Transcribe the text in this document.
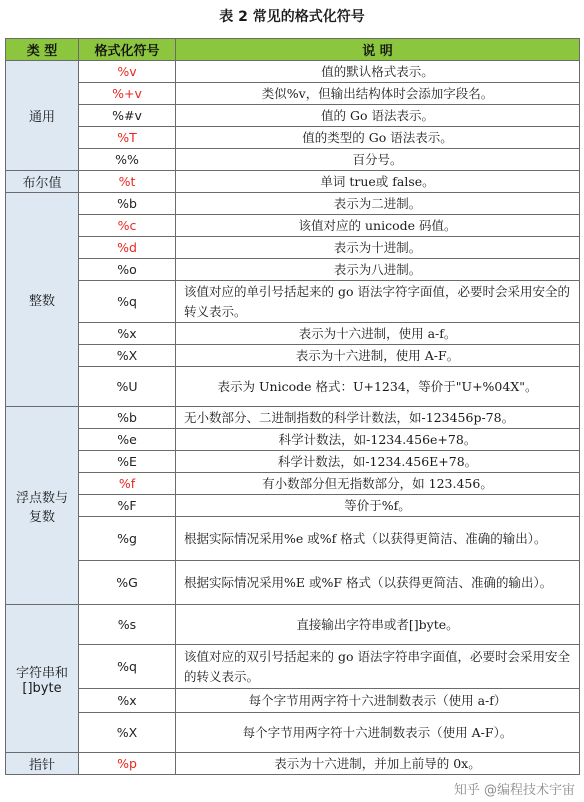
表 2 常见的格式化符号
类 型	格式化符号	说 明
通用	%v	值的默认格式表示。
	%+v	类似%v，但输出结构体时会添加字段名。
	%#v	值的 Go 语法表示。
	%T	值的类型的 Go 语法表示。
	%%	百分号。
布尔值	%t	单词 true或 false。
整数	%b	表示为二进制。
	%c	该值对应的 unicode 码值。
	%d	表示为十进制。
	%o	表示为八进制。
	%q	该值对应的单引号括起来的 go 语法字符字面值，必要时会采用安全的转义表示。
	%x	表示为十六进制，使用 a-f。
	%X	表示为十六进制，使用 A-F。
	%U	表示为 Unicode 格式：U+1234，等价于"U+%04X"。
浮点数与复数	%b	无小数部分、二进制指数的科学计数法，如-123456p-78。
	%e	科学计数法，如-1234.456e+78。
	%E	科学计数法，如-1234.456E+78。
	%f	有小数部分但无指数部分，如 123.456。
	%F	等价于%f。
	%g	根据实际情况采用%e 或%f 格式（以获得更简洁、准确的输出）。
	%G	根据实际情况采用%E 或%F 格式（以获得更简洁、准确的输出）。
字符串和[]byte	%s	直接输出字符串或者[]byte。
	%q	该值对应的双引号括起来的 go 语法字符串字面值，必要时会采用安全的转义表示。
	%x	每个字节用两字符十六进制数表示（使用 a-f）
	%X	每个字节用两字符十六进制数表示（使用 A-F）。
指针	%p	表示为十六进制，并加上前导的 0x。
知乎 @编程技术宇宙
